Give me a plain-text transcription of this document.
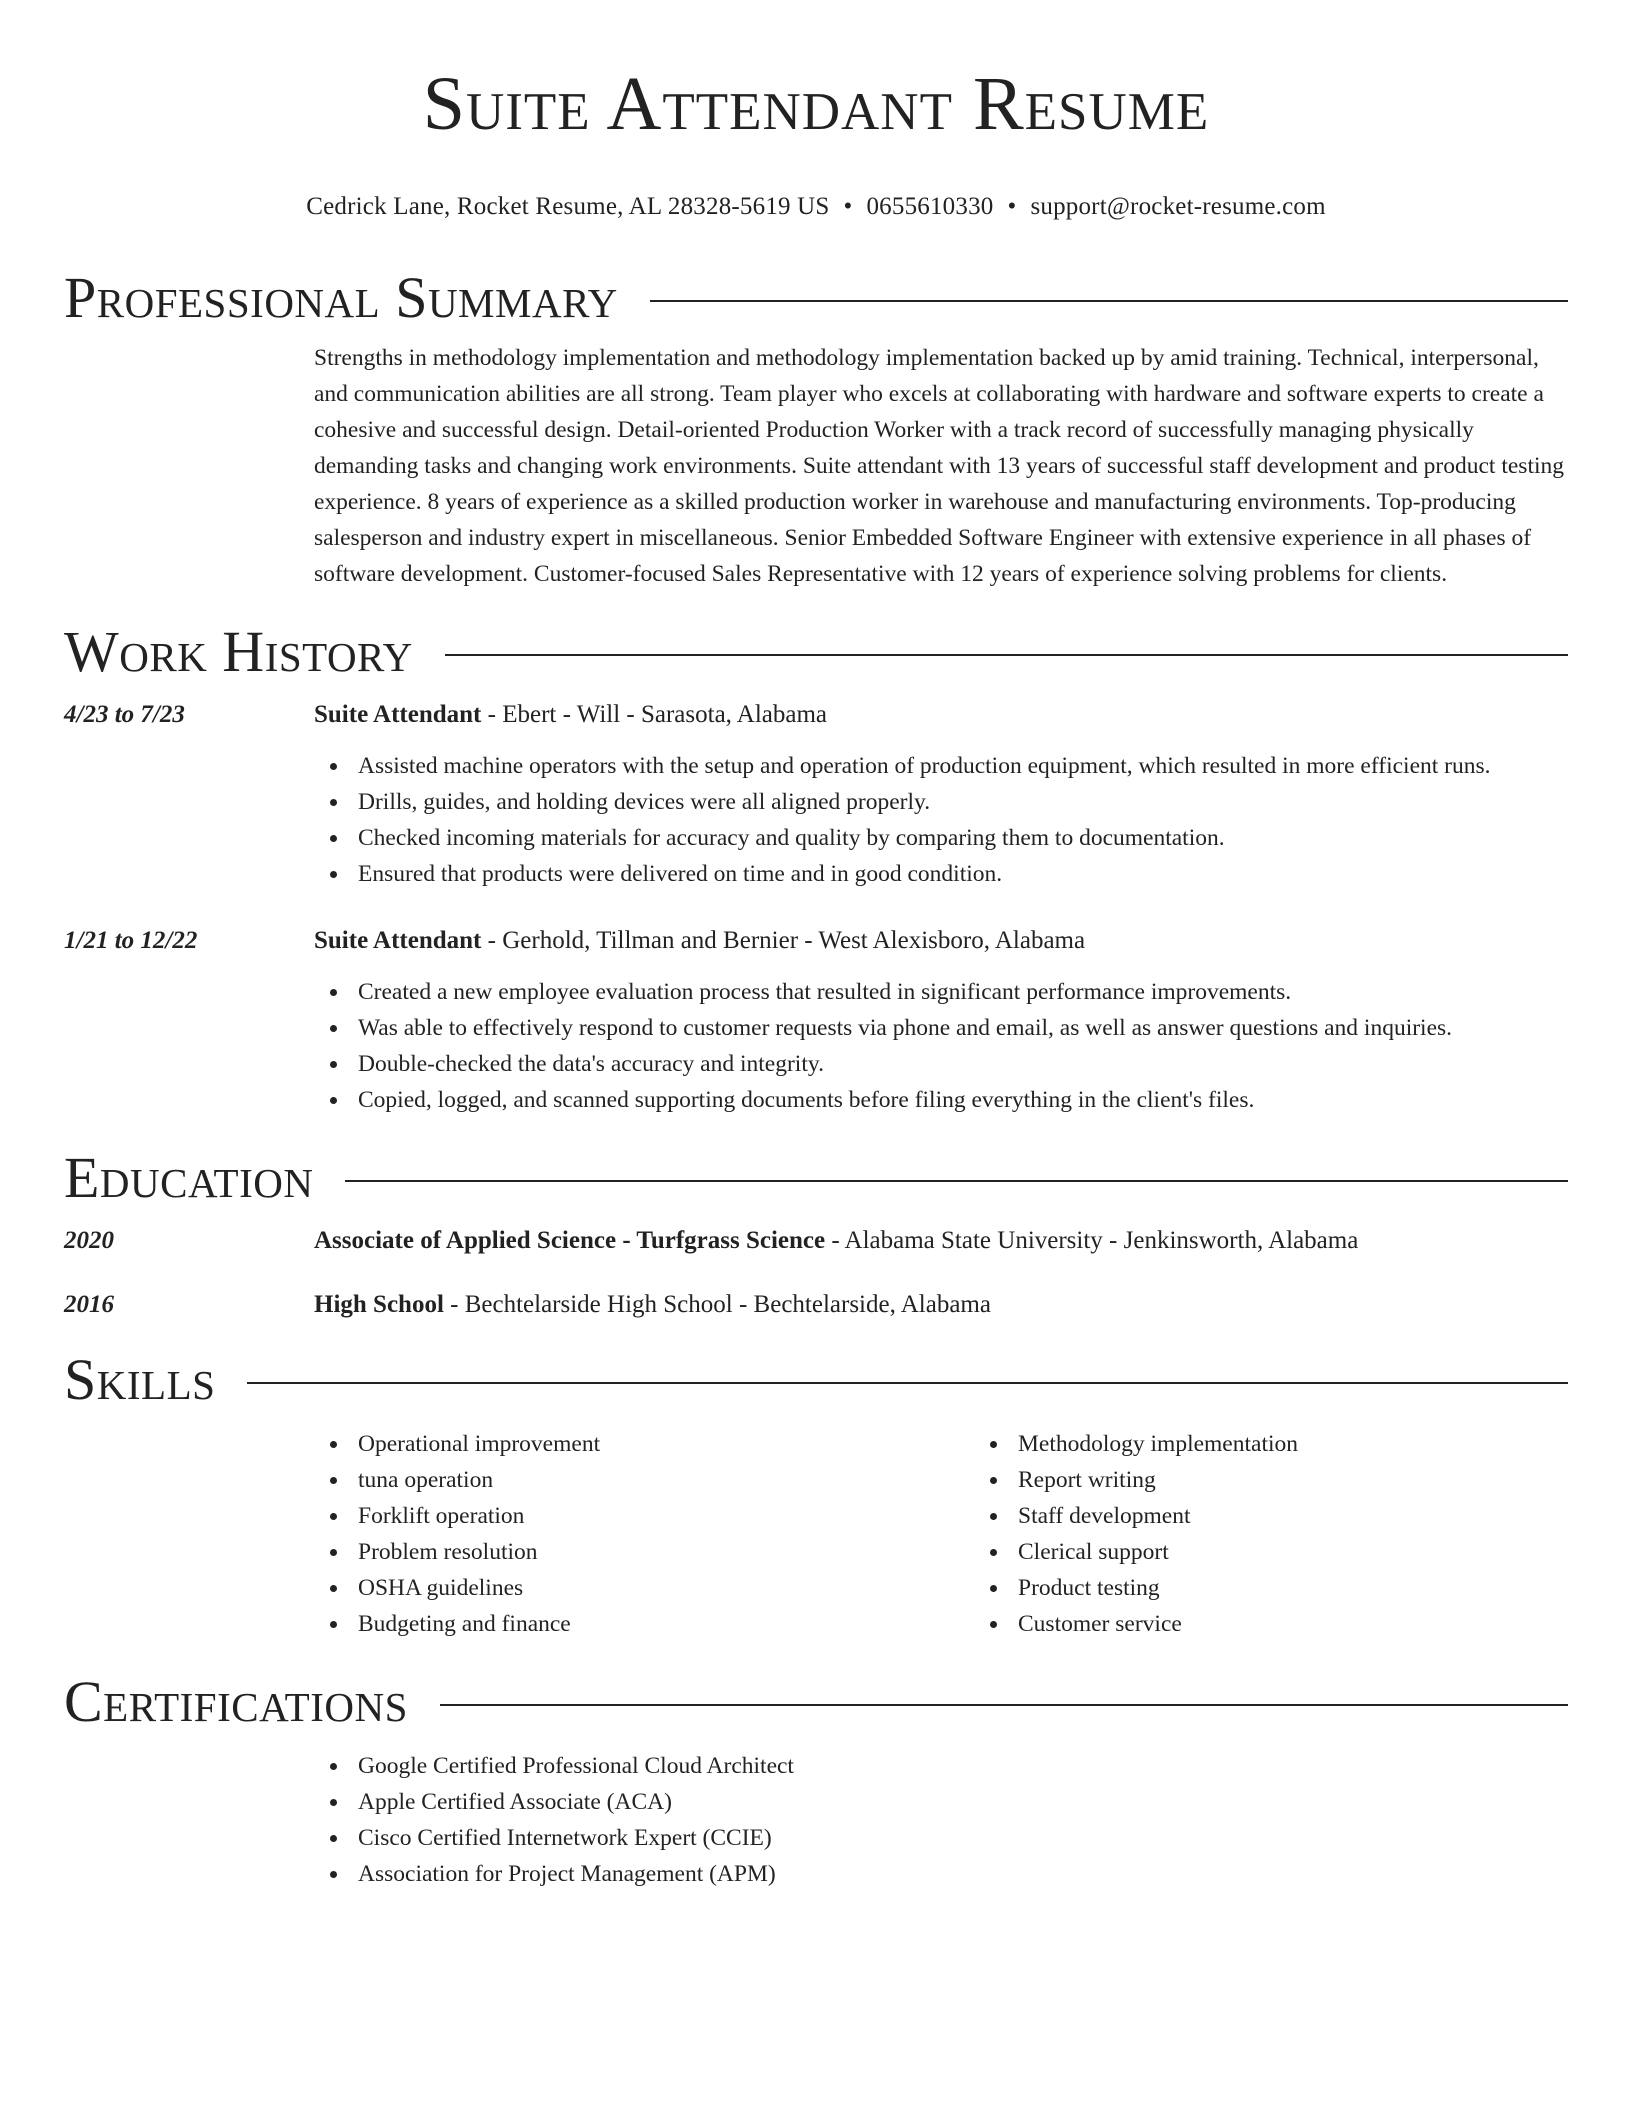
Suite Attendant Resume
Cedrick Lane, Rocket Resume, AL 28328-5619 US • 0655610330 • support@rocket-resume.com
Professional Summary

Strengths in methodology implementation and methodology implementation backed up by amid training. Technical, interpersonal, and communication abilities are all strong. Team player who excels at collaborating with hardware and software experts to create a cohesive and successful design. Detail-oriented Production Worker with a track record of successfully managing physically demanding tasks and changing work environments. Suite attendant with 13 years of successful staff development and product testing experience. 8 years of experience as a skilled production worker in warehouse and manufacturing environments. Top-producing salesperson and industry expert in miscellaneous. Senior Embedded Software Engineer with extensive experience in all phases of software development. Customer-focused Sales Representative with 12 years of experience solving problems for clients.

Work History
4/23 to 7/23	Suite Attendant - Ebert - Will - Sarasota, Alabama
Assisted machine operators with the setup and operation of production equipment, which resulted in more efficient runs.
Drills, guides, and holding devices were all aligned properly.
Checked incoming materials for accuracy and quality by comparing them to documentation.
Ensured that products were delivered on time and in good condition.
1/21 to 12/22	Suite Attendant - Gerhold, Tillman and Bernier - West Alexisboro, Alabama
Created a new employee evaluation process that resulted in significant performance improvements.
Was able to effectively respond to customer requests via phone and email, as well as answer questions and inquiries.
Double-checked the data's accuracy and integrity.
Copied, logged, and scanned supporting documents before filing everything in the client's files.
Education
2020	Associate of Applied Science - Turfgrass Science - Alabama State University - Jenkinsworth, Alabama
2016	High School - Bechtelarside High School - Bechtelarside, Alabama
Skills
Operational improvement
tuna operation
Forklift operation
Problem resolution
OSHA guidelines
Budgeting and finance
Methodology implementation
Report writing
Staff development
Clerical support
Product testing
Customer service
Certifications
Google Certified Professional Cloud Architect
Apple Certified Associate (ACA)
Cisco Certified Internetwork Expert (CCIE)
Association for Project Management (APM)
